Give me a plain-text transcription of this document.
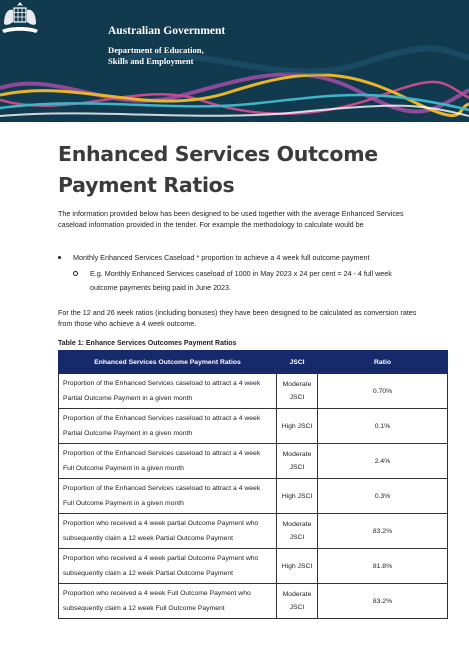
Australian Government
Department of Education,
Skills and Employment
Enhanced Services Outcome Payment Ratios

The information provided below has been designed to be used together with the average Enhanced Services caseload information provided in the tender. For example the methodology to calculate would be

Monthly Enhanced Services Caseload * proportion to achieve a 4 week full outcome payment
E.g. Monthly Enhanced Services caseload of 1000 in May 2023 x 24 per cent = 24 - 4 full week outcome payments being paid in June 2023.

For the 12 and 26 week ratios (including bonuses) they have been designed to be calculated as conversion rates from those who achieve a 4 week outcome.

Table 1: Enhance Services Outcomes Payment Ratios
Enhanced Services Outcome Payment Ratios	JSCI	Ratio
Proportion of the Enhanced Services caseload to attract a 4 week Partial Outcome Payment in a given month	Moderate JSCI	0.70%
Proportion of the Enhanced Services caseload to attract a 4 week Partial Outcome Payment in a given month	High JSCI	0.1%
Proportion of the Enhanced Services caseload to attract a 4 week Full Outcome Payment in a given month	Moderate JSCI	2.4%
Proportion of the Enhanced Services caseload to attract a 4 week Full Outcome Payment in a given month	High JSCI	0.3%
Proportion who received a 4 week partial Outcome Payment who subsequently claim a 12 week Partial Outcome Payment	Moderate JSCI	83.2%
Proportion who received a 4 week partial Outcome Payment who subsequently claim a 12 week Partial Outcome Payment	High JSCI	81.8%
Proportion who received a 4 week Full Outcome Payment who subsequently claim a 12 week Full Outcome Payment	Moderate JSCI	83.2%
